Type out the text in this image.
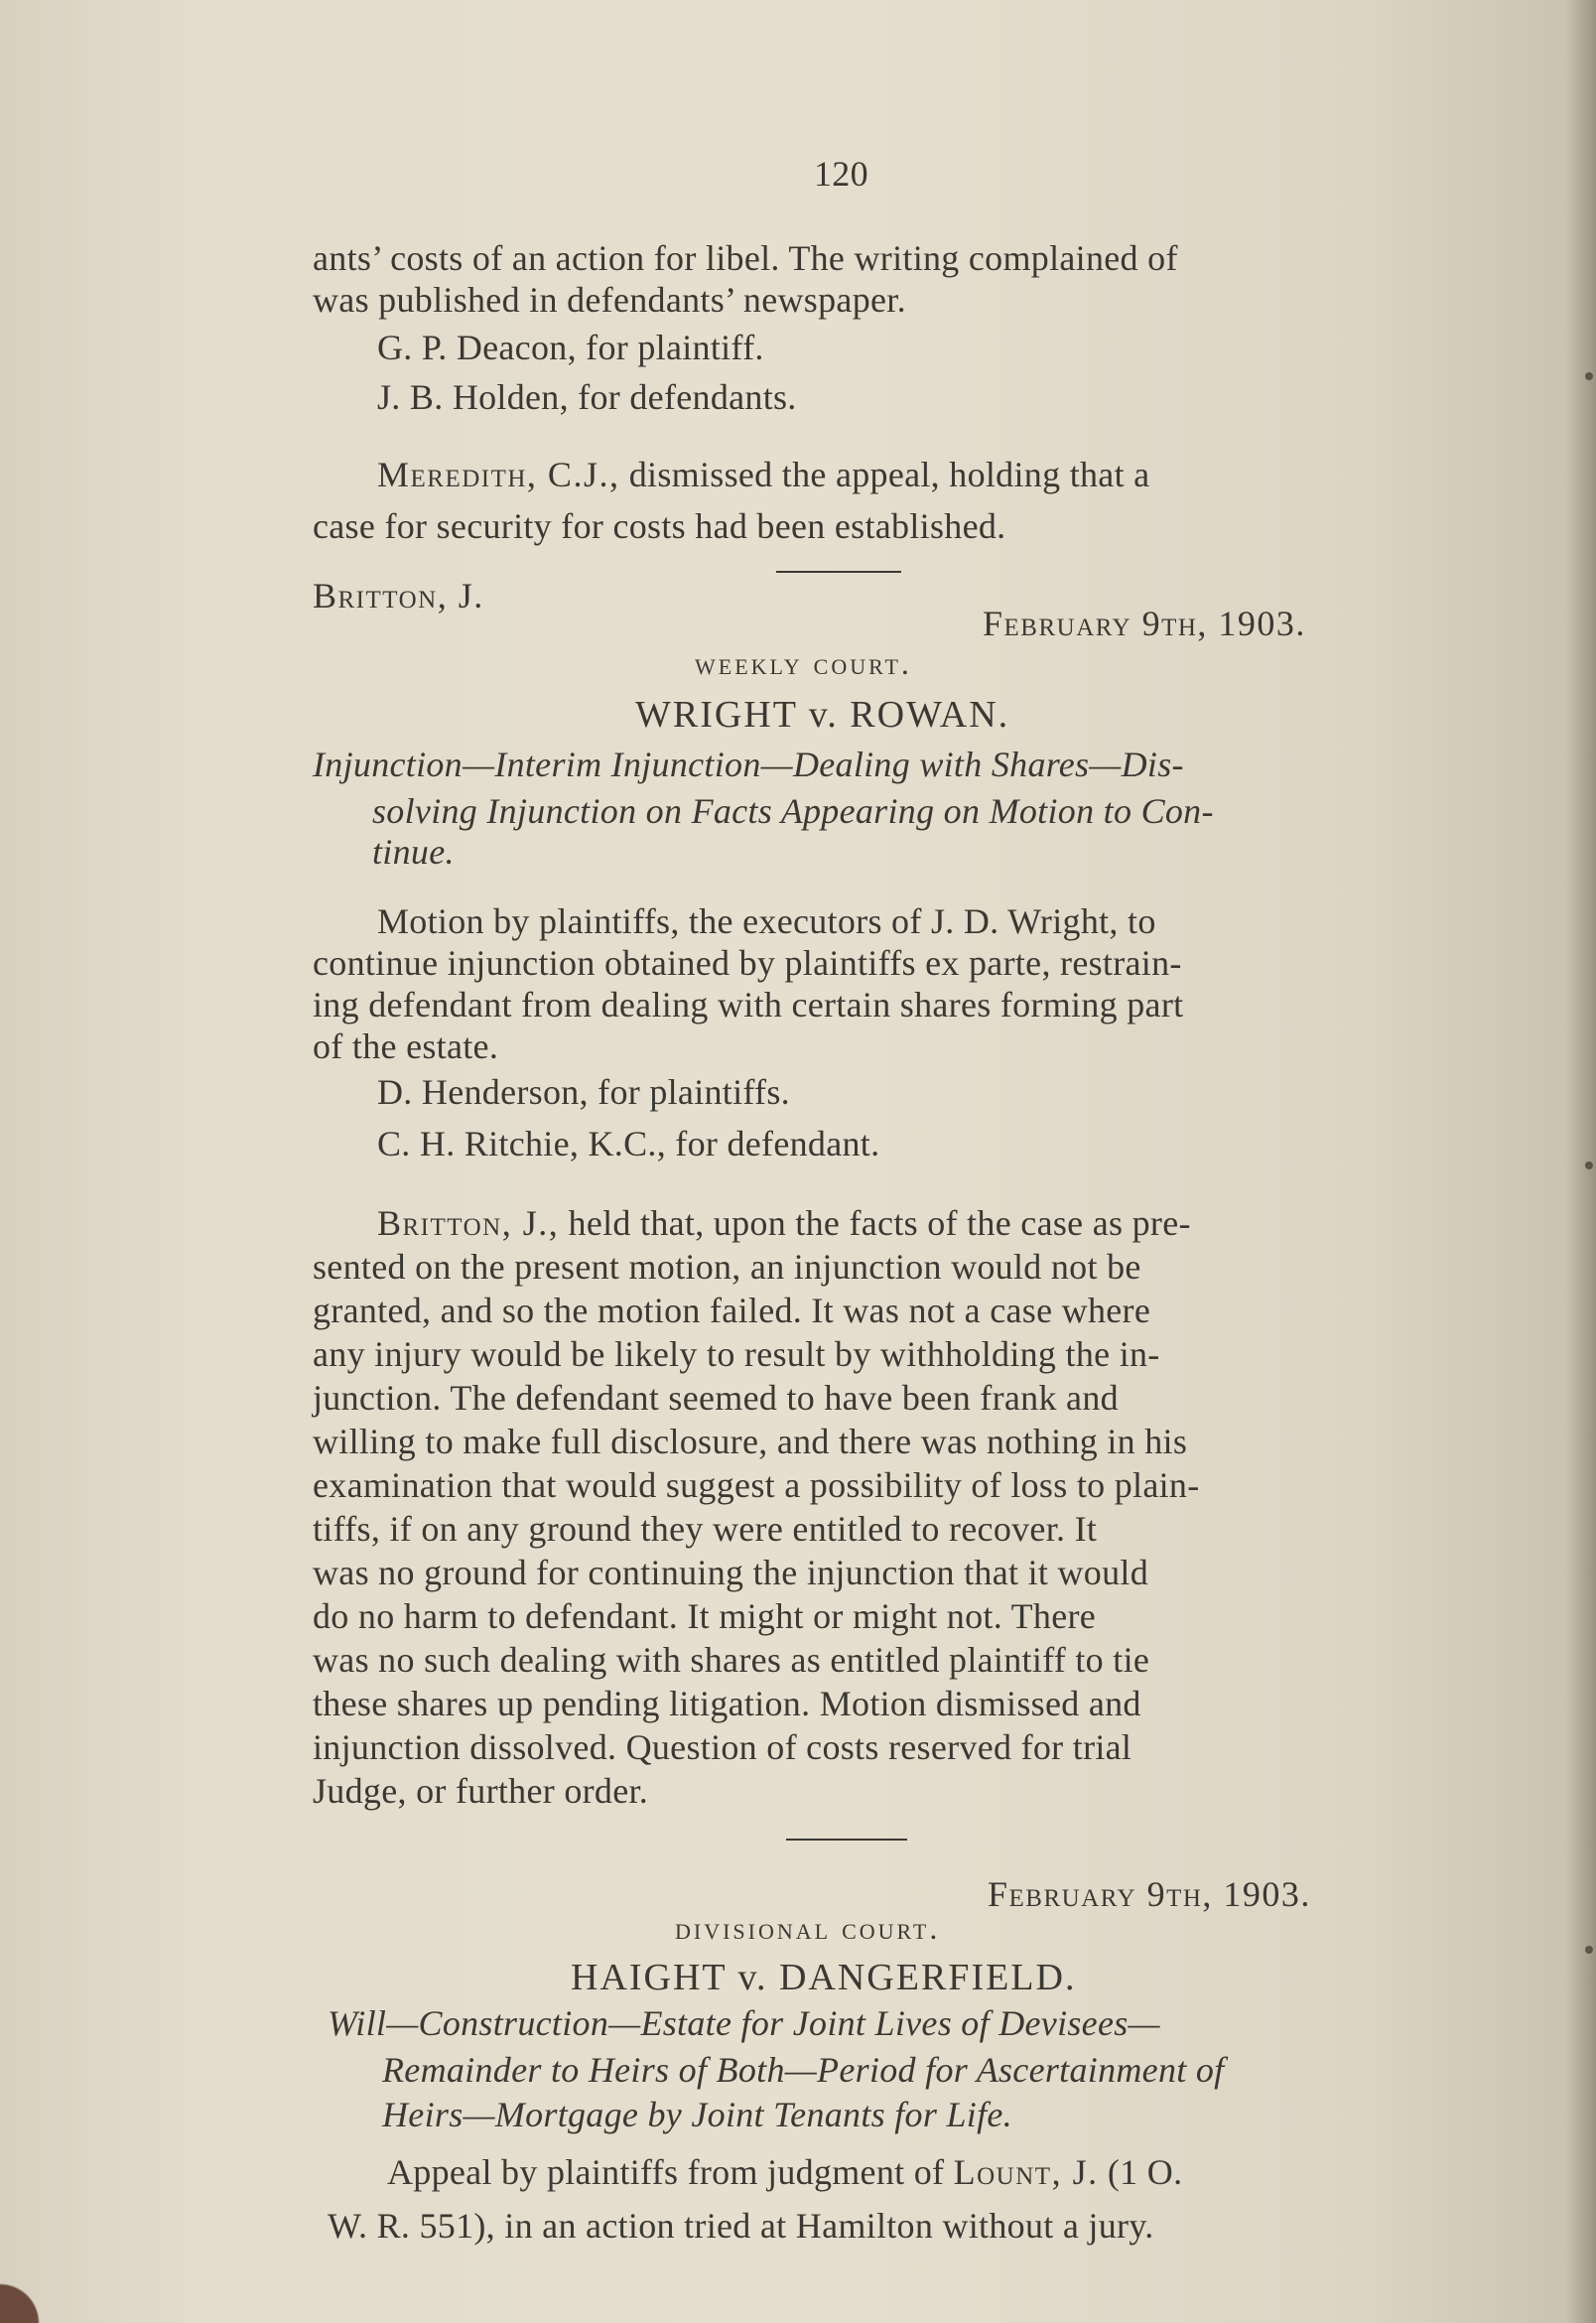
120
ants’ costs of an action for libel. The writing complained of
was published in defendants’ newspaper.
G. P. Deacon, for plaintiff.
J. B. Holden, for defendants.
Meredith, C.J., dismissed the appeal, holding that a
case for security for costs had been established.
Britton, J.
February 9th, 1903.
weekly court.
WRIGHT v. ROWAN.
Injunction—Interim Injunction—Dealing with Shares—Dis-
solving Injunction on Facts Appearing on Motion to Con-
tinue.
Motion by plaintiffs, the executors of J. D. Wright, to
continue injunction obtained by plaintiffs ex parte, restrain-
ing defendant from dealing with certain shares forming part
of the estate.
D. Henderson, for plaintiffs.
C. H. Ritchie, K.C., for defendant.
Britton, J., held that, upon the facts of the case as pre-
sented on the present motion, an injunction would not be
granted, and so the motion failed. It was not a case where
any injury would be likely to result by withholding the in-
junction. The defendant seemed to have been frank and
willing to make full disclosure, and there was nothing in his
examination that would suggest a possibility of loss to plain-
tiffs, if on any ground they were entitled to recover. It
was no ground for continuing the injunction that it would
do no harm to defendant. It might or might not. There
was no such dealing with shares as entitled plaintiff to tie
these shares up pending litigation. Motion dismissed and
injunction dissolved. Question of costs reserved for trial
Judge, or further order.
February 9th, 1903.
divisional court.
HAIGHT v. DANGERFIELD.
Will—Construction—Estate for Joint Lives of Devisees—
Remainder to Heirs of Both—Period for Ascertainment of
Heirs—Mortgage by Joint Tenants for Life.
Appeal by plaintiffs from judgment of Lount, J. (1 O.
W. R. 551), in an action tried at Hamilton without a jury.
